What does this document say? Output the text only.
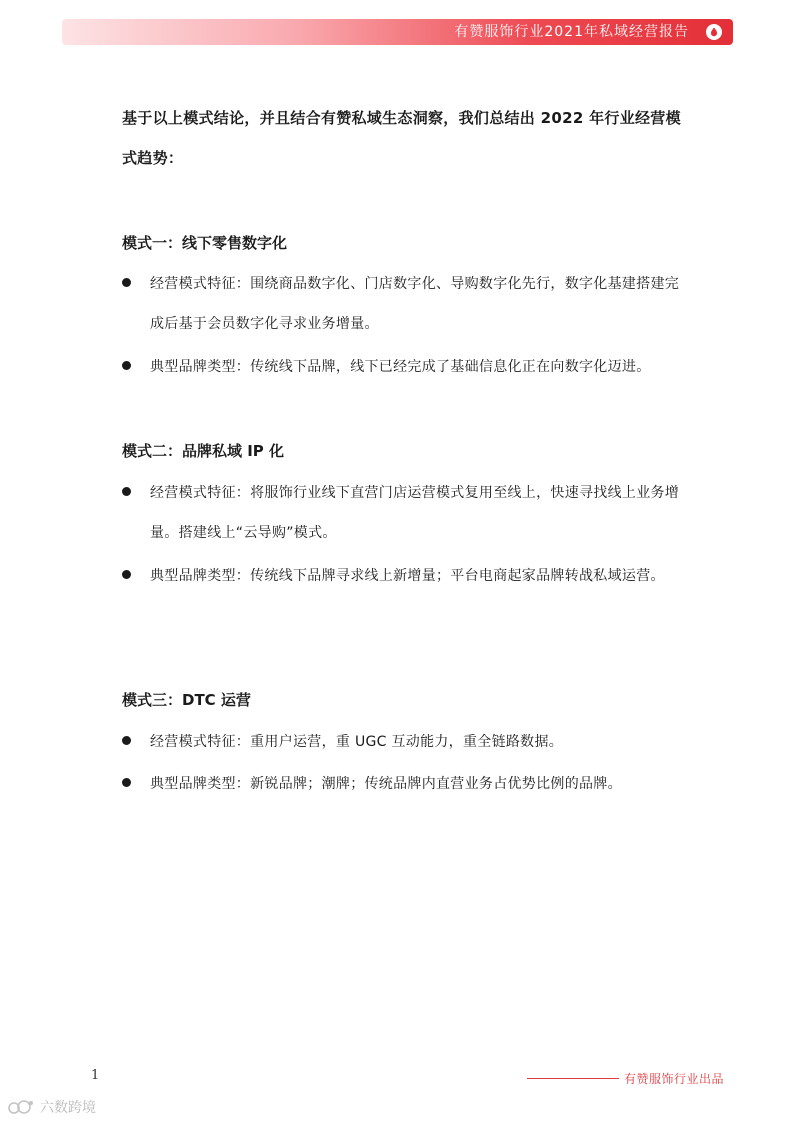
有赞服饰行业2021年私域经营报告

基于以上模式结论，并且结合有赞私域生态洞察，我们总结出 2022 年行业经营模式趋势：

模式一：线下零售数字化
经营模式特征：围绕商品数字化、门店数字化、导购数字化先行，数字化基建搭建完成后基于会员数字化寻求业务增量。
典型品牌类型：传统线下品牌，线下已经完成了基础信息化正在向数字化迈进。
模式二：品牌私域 IP 化
经营模式特征：将服饰行业线下直营门店运营模式复用至线上，快速寻找线上业务增量。搭建线上“云导购”模式。
典型品牌类型：传统线下品牌寻求线上新增量；平台电商起家品牌转战私域运营。
模式三：DTC 运营
经营模式特征：重用户运营，重 UGC 互动能力，重全链路数据。
典型品牌类型：新锐品牌；潮牌；传统品牌内直营业务占优势比例的品牌。
1	有赞服饰行业出品
六数跨境
